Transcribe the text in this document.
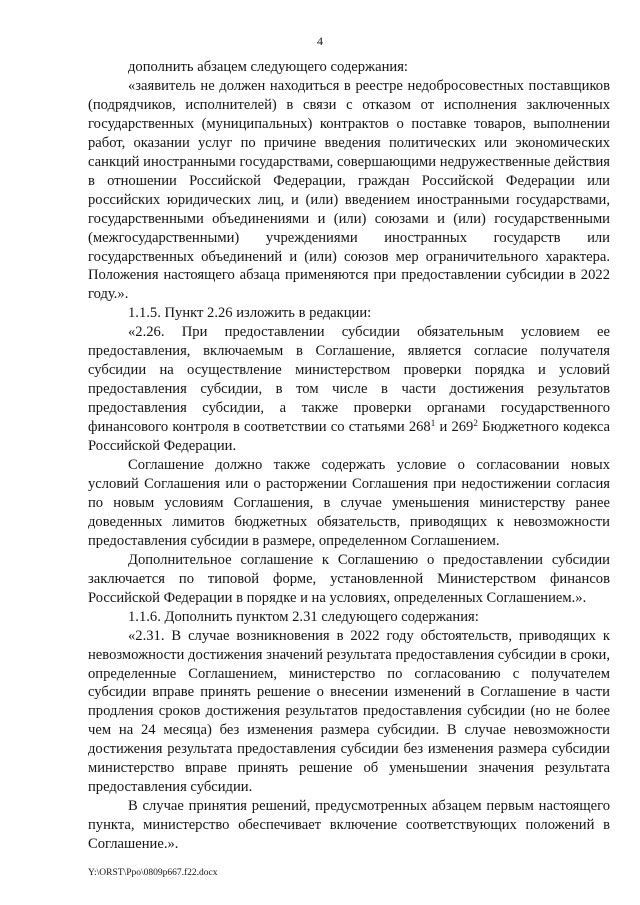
4

дополнить абзацем следующего содержания:

«заявитель не должен находиться в реестре недобросовестных поставщиков (подрядчиков, исполнителей) в связи с отказом от исполнения заключенных государственных (муниципальных) контрактов о поставке товаров, выполнении работ, оказании услуг по причине введения политических или экономических санкций иностранными государствами, совершающими недружественные действия в отношении Российской Федерации, граждан Российской Федерации или российских юридических лиц, и (или) введением иностранными государствами, государственными объединениями и (или) союзами и (или) государственными (межгосударственными) учреждениями иностранных государств или государственных объединений и (или) союзов мер ограничительного характера. Положения настоящего абзаца применяются при предоставлении субсидии в 2022 году.».

1.1.5. Пункт 2.26 изложить в редакции:

«2.26. При предоставлении субсидии обязательным условием ее предоставления, включаемым в Соглашение, является согласие получателя субсидии на осуществление министерством проверки порядка и условий предоставления субсидии, в том числе в части достижения результатов предоставления субсидии, а также проверки органами государственного финансового контроля в соответствии со статьями $268^1$ и $269^2$ Бюджетного кодекса Российской Федерации.

Соглашение должно также содержать условие о согласовании новых условий Соглашения или о расторжении Соглашения при недостижении согласия по новым условиям Соглашения, в случае уменьшения министерству ранее доведенных лимитов бюджетных обязательств, приводящих к невозможности предоставления субсидии в размере, определенном Соглашением.

Дополнительное соглашение к Соглашению о предоставлении субсидии заключается по типовой форме, установленной Министерством финансов Российской Федерации в порядке и на условиях, определенных Соглашением.».

1.1.6. Дополнить пунктом 2.31 следующего содержания:

«2.31. В случае возникновения в 2022 году обстоятельств, приводящих к невозможности достижения значений результата предоставления субсидии в сроки, определенные Соглашением, министерство по согласованию с получателем субсидии вправе принять решение о внесении изменений в Соглашение в части продления сроков достижения результатов предоставления субсидии (но не более чем на 24 месяца) без изменения размера субсидии. В случае невозможности достижения результата предоставления субсидии без изменения размера субсидии министерство вправе принять решение об уменьшении значения результата предоставления субсидии.

В случае принятия решений, предусмотренных абзацем первым настоящего пункта, министерство обеспечивает включение соответствующих положений в Соглашение.».

Y:\ORST\Ppo\0809p667.f22.docx
